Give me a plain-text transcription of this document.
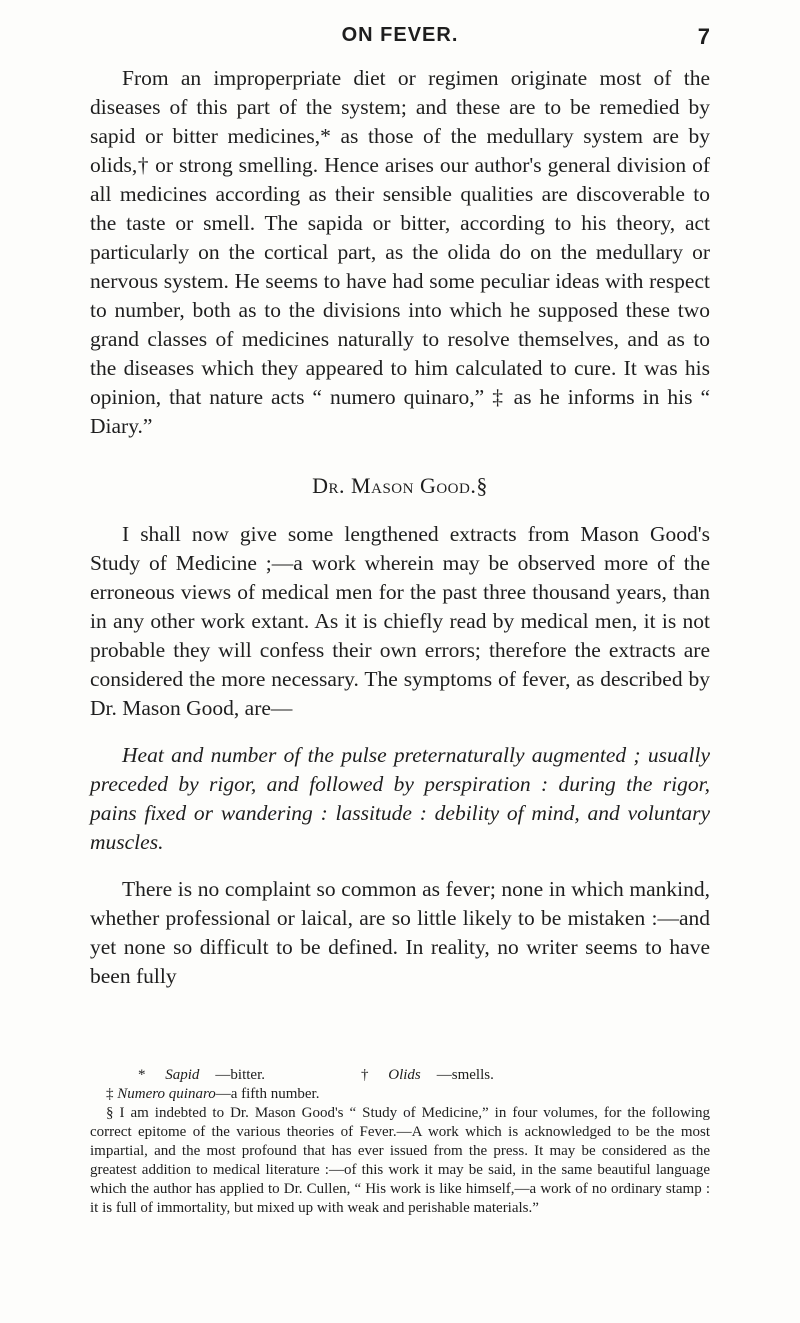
ON FEVER.	7

From an improperpriate diet or regimen originate most of the diseases of this part of the system; and these are to be remedied by sapid or bitter medicines,* as those of the medullary system are by olids,† or strong smelling. Hence arises our author's general division of all medicines according as their sensible qualities are discoverable to the taste or smell. The sapida or bitter, according to his theory, act particularly on the cortical part, as the olida do on the medullary or nervous system. He seems to have had some peculiar ideas with respect to number, both as to the divisions into which he supposed these two grand classes of medicines naturally to resolve themselves, and as to the diseases which they appeared to him calculated to cure. It was his opinion, that nature acts “ numero quinaro,” ‡ as he informs in his “ Diary.”

Dr. Mason Good.§

I shall now give some lengthened extracts from Mason Good's Study of Medicine ;—a work wherein may be observed more of the erroneous views of medical men for the past three thousand years, than in any other work extant. As it is chiefly read by medical men, it is not probable they will confess their own errors; therefore the extracts are considered the more necessary. The symptoms of fever, as described by Dr. Mason Good, are—

Heat and number of the pulse preternaturally augmented ; usually preceded by rigor, and followed by perspiration : during the rigor, pains fixed or wandering : lassitude : debility of mind, and voluntary muscles.

There is no complaint so common as fever; none in which mankind, whether professional or laical, are so little likely to be mistaken :—and yet none so difficult to be defined. In reality, no writer seems to have been fully

* Sapid —bitter.	† Olids —smells.

‡ Numero quinaro—a fifth number.

§ I am indebted to Dr. Mason Good's “ Study of Medicine,” in four volumes, for the following correct epitome of the various theories of Fever.—A work which is acknowledged to be the most impartial, and the most profound that has ever issued from the press. It may be considered as the greatest addition to medical literature :—of this work it may be said, in the same beautiful language which the author has applied to Dr. Cullen, “ His work is like himself,—a work of no ordinary stamp : it is full of immortality, but mixed up with weak and perishable materials.”
